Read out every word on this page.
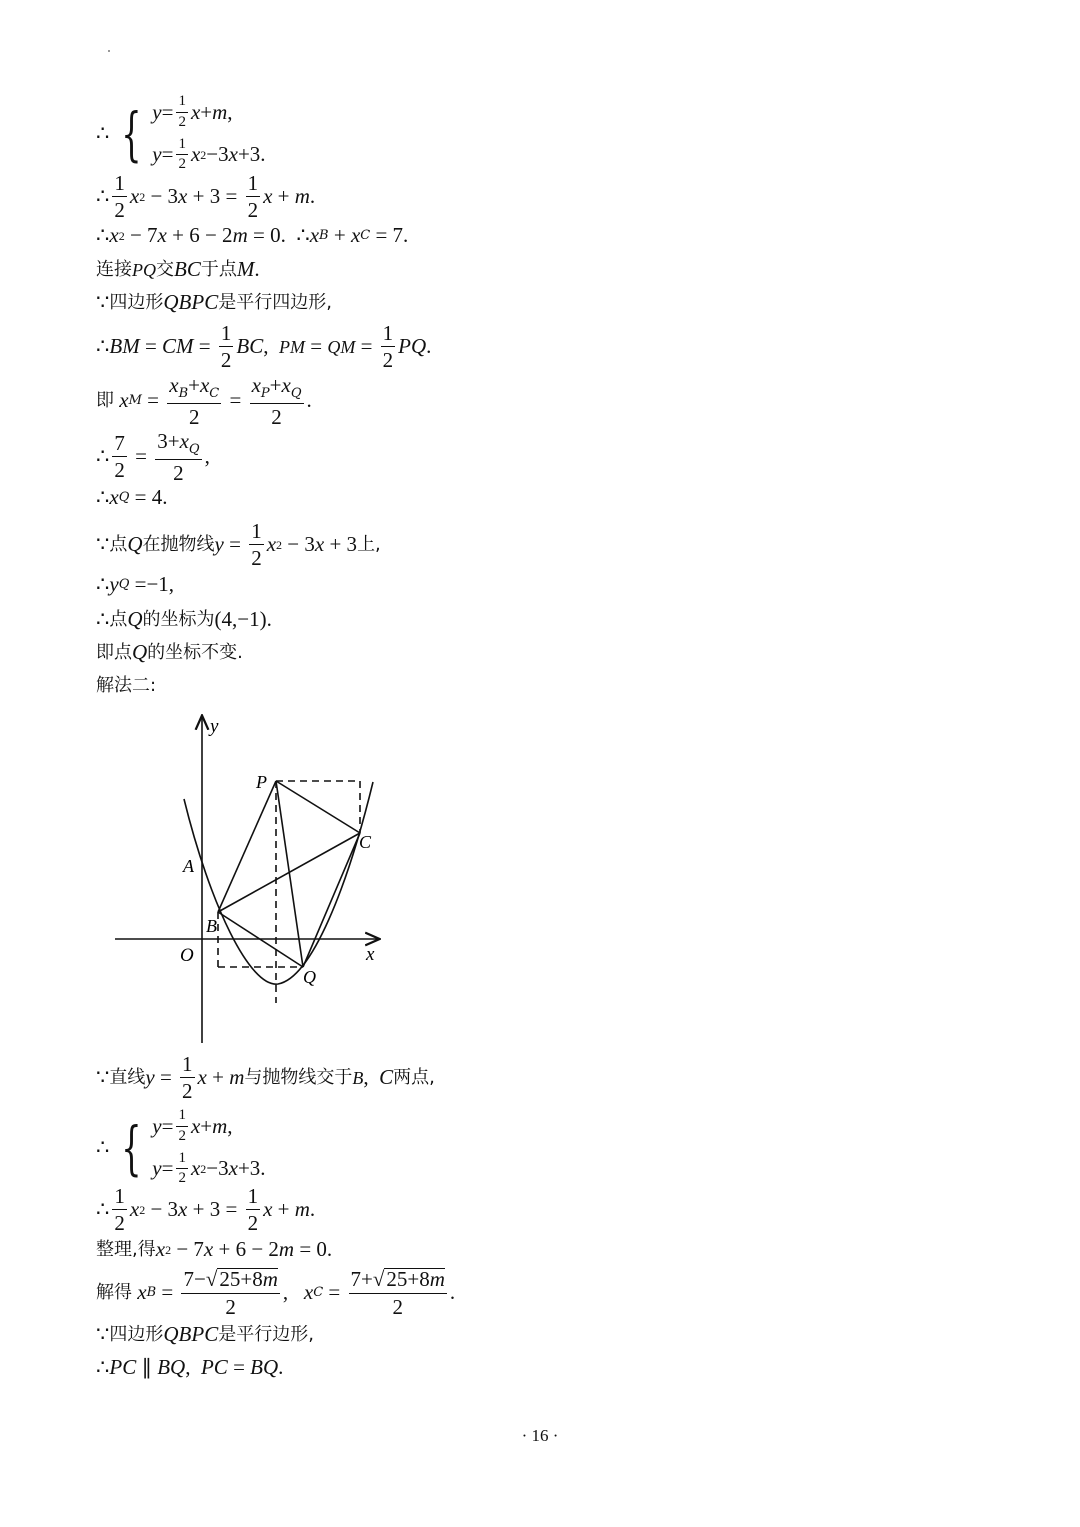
∴ { $y = \frac{1}{2}$ x + m ,
$y = \frac{1}{2}$ x 2 −3 x +3.
∴ $\frac{1}{2}$ x 2 − 3 $x + 3 = \frac{1}{2}$ x + m .
∴ x 2 − 7 x + 6 − 2 m = 0.  ∴ x B + x C = 7.
连接 PQ 交 BC 于点 M .
∵ 四边形 QBPC 是平行四边形,
∴ BM = CM = $\frac{1}{2}$ BC , PM = QM = $\frac{1}{2}$ PQ .
即
x $M = \frac{x_B+x_C}{2} = \frac{x_P+x_Q}{2}$ .
∴ $\frac{7}{2} = \frac{3+x_Q}{2}$ ,
∴ x Q = 4.
∵ 点 Q 在抛物线 $y = \frac{1}{2}$ x 2 − 3 x + 3 上,
∴ y Q =−1,
∴ 点 Q 的坐标为 (4,−1).
即 点 Q 的坐标不变.
解法二:
x
y
O
P
A
B
C
Q
∵ 直线 $y = \frac{1}{2}$ x + m 与抛物线交于 B , C 两点,
∴ { $y = \frac{1}{2}$ x + m ,
$y = \frac{1}{2}$ x 2 −3 x +3.
∴ $\frac{1}{2}$ x 2 − 3 $x + 3 = \frac{1}{2}$ x + m .
整理,得 x 2 − 7 x + 6 − 2 m = 0.
解得
x $B = \frac{7-√25+8m}{2}$ , x $C = \frac{7+√25+8m}{2}$ .
∵ 四边形 QBPC 是平行边形,
∴ PC ∥ BQ , PC = BQ .
· 16 ·
